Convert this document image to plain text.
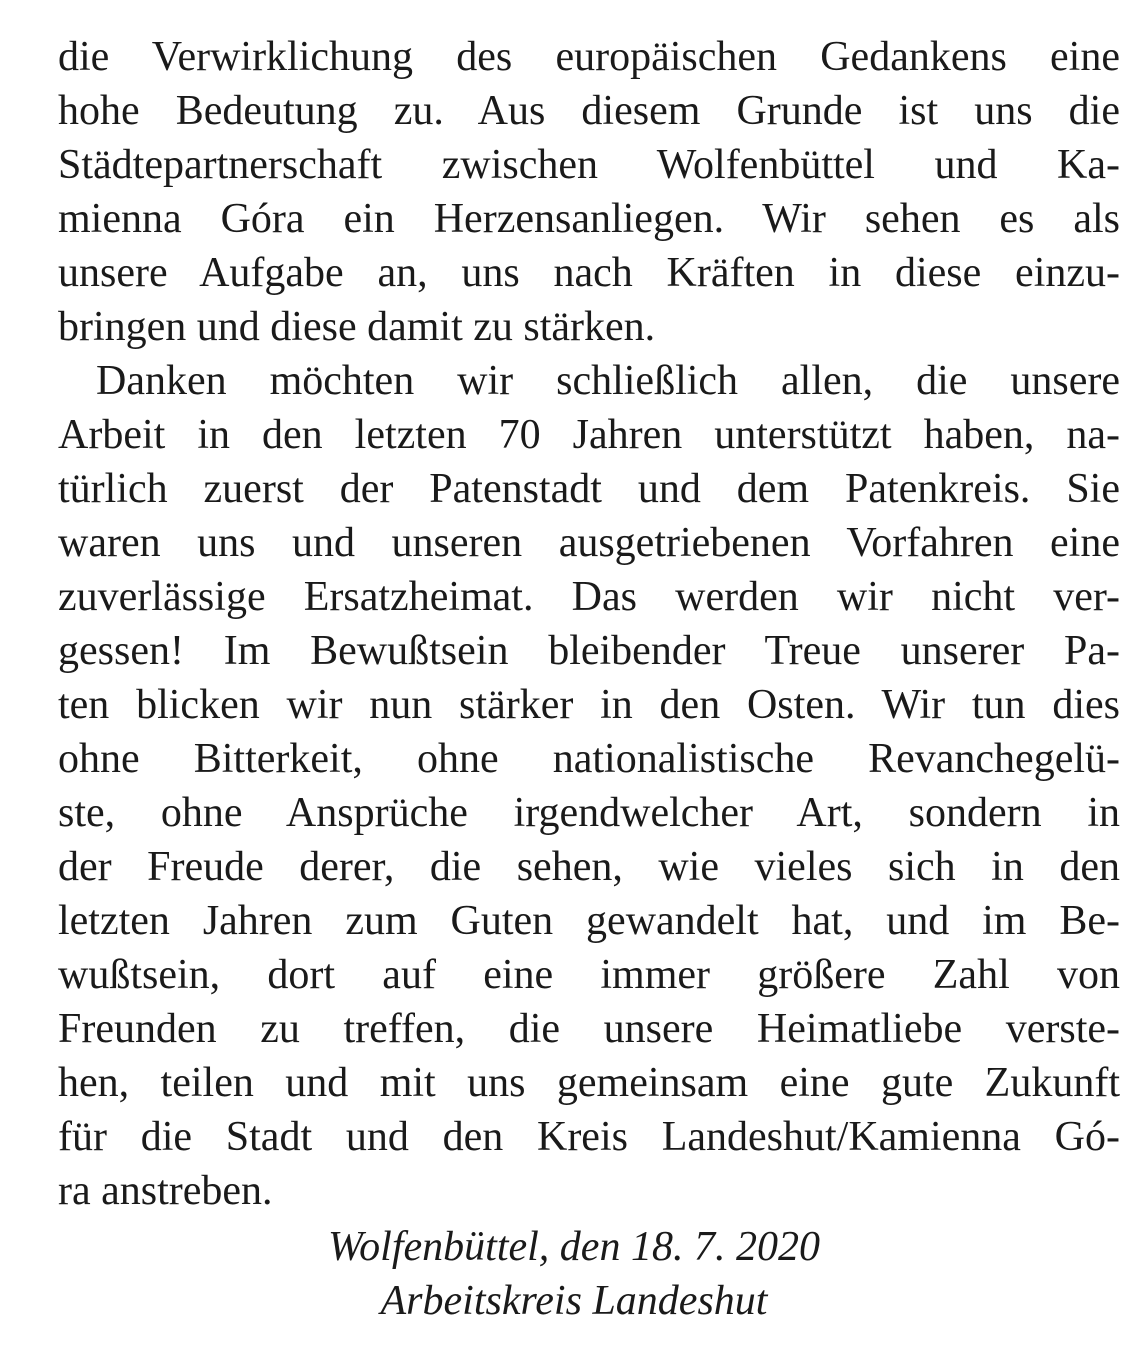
die Verwirklichung des europäischen Gedankens eine
hohe Bedeutung zu. Aus diesem Grunde ist uns die
Städtepartnerschaft zwischen Wolfenbüttel und Ka-
mienna Góra ein Herzensanliegen. Wir sehen es als
unsere Aufgabe an, uns nach Kräften in diese einzu-
bringen und diese damit zu stärken.
Danken möchten wir schließlich allen, die unsere
Arbeit in den letzten 70 Jahren unterstützt haben, na-
türlich zuerst der Patenstadt und dem Patenkreis. Sie
waren uns und unseren ausgetriebenen Vorfahren eine
zuverlässige Ersatzheimat. Das werden wir nicht ver-
gessen! Im Bewußtsein bleibender Treue unserer Pa-
ten blicken wir nun stärker in den Osten. Wir tun dies
ohne Bitterkeit, ohne nationalistische Revanchegelü-
ste, ohne Ansprüche irgendwelcher Art, sondern in
der Freude derer, die sehen, wie vieles sich in den
letzten Jahren zum Guten gewandelt hat, und im Be-
wußtsein, dort auf eine immer größere Zahl von
Freunden zu treffen, die unsere Heimatliebe verste-
hen, teilen und mit uns gemeinsam eine gute Zukunft
für die Stadt und den Kreis Landeshut/Kamienna Gó-
ra anstreben.
Wolfenbüttel, den 18. 7. 2020
Arbeitskreis Landeshut
